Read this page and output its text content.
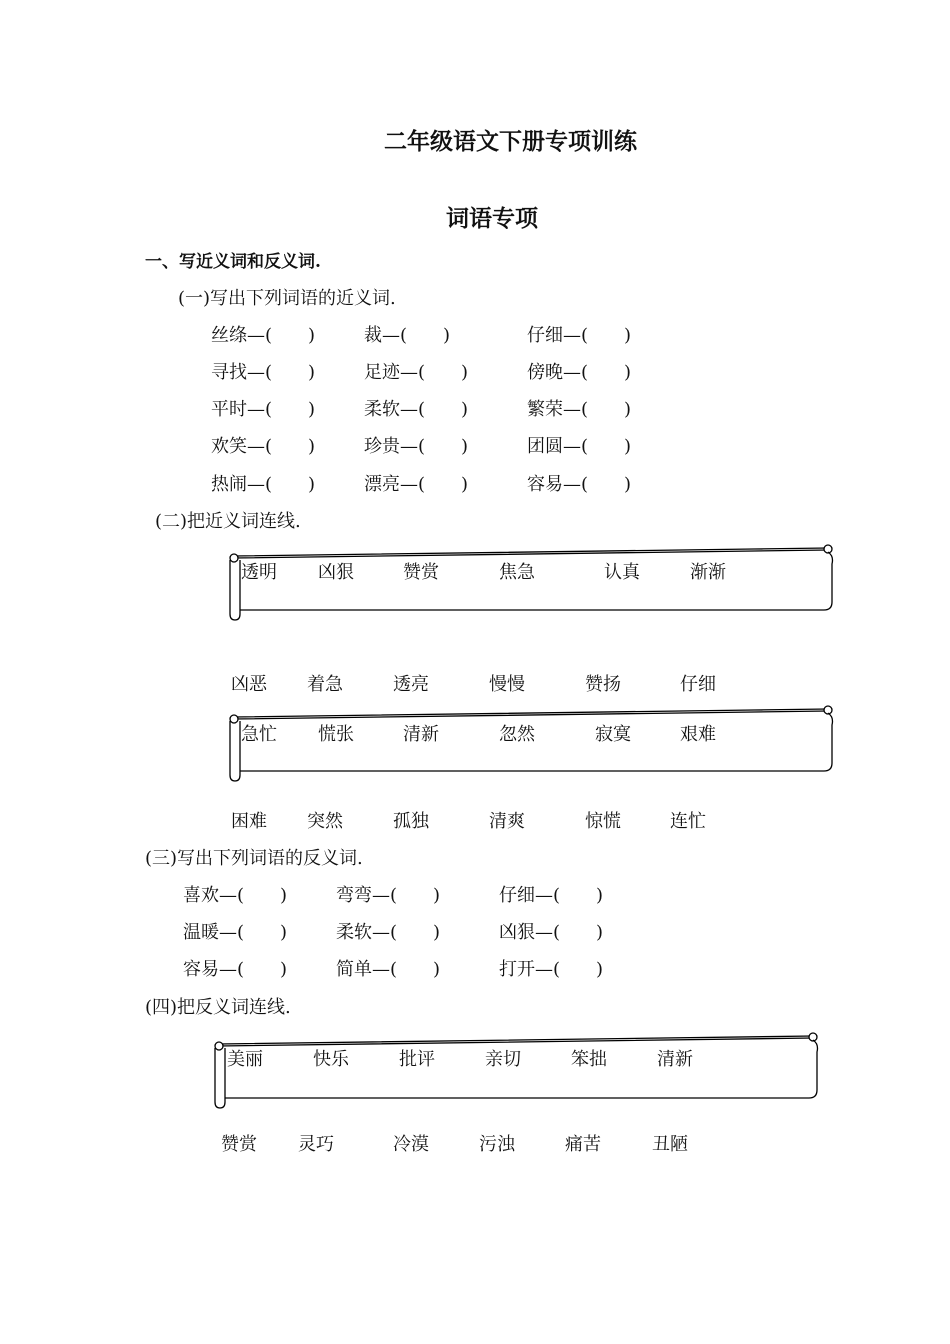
二年级语文下册专项训练
词语专项
一、写近义词和反义词.
(一)写出下列词语的近义词.
丝绦—(　　)	裁—(　　)	仔细—(　　)
寻找—(　　)	足迹—(　　)	傍晚—(　　)
平时—(　　)	柔软—(　　)	繁荣—(　　)
欢笑—(　　)	珍贵—(　　)	团圆—(　　)
热闹—(　　)	漂亮—(　　)	容易—(　　)
(二)把近义词连线.
透明 凶狠	赞赏	焦急	认真	渐渐
凶恶 着急	透亮	慢慢	赞扬	仔细
急忙 慌张	清新	忽然	寂寞	艰难
困难 突然	孤独	清爽	惊慌	连忙
(三)写出下列词语的反义词.
喜欢—(　　)	弯弯—(　　)	仔细—(　　)
温暖—(　　)	柔软—(　　)	凶狠—(　　)
容易—(　　)	简单—(　　)	打开—(　　)
(四)把反义词连线.
美丽	快乐	批评	亲切	笨拙	清新
赞赏 灵巧	冷漠	污浊	痛苦	丑陋
